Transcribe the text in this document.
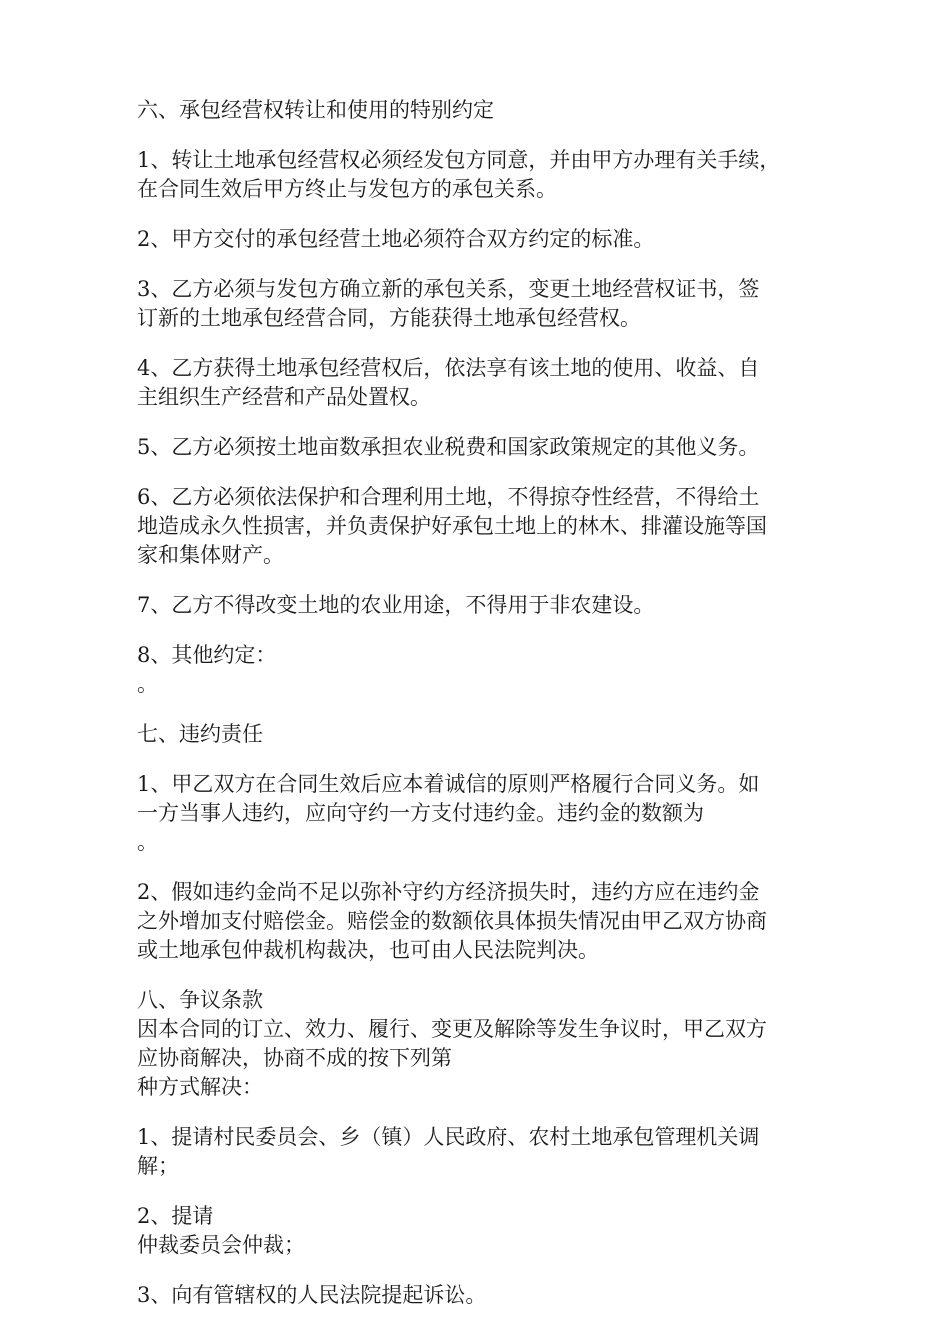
六、承包经营权转让和使用的特别约定
1、转让土地承包经营权必须经发包方同意，并由甲方办理有关手续，
在合同生效后甲方终止与发包方的承包关系。
2、甲方交付的承包经营土地必须符合双方约定的标准。
3、乙方必须与发包方确立新的承包关系，变更土地经营权证书，签
订新的土地承包经营合同，方能获得土地承包经营权。
4、乙方获得土地承包经营权后，依法享有该土地的使用、收益、自
主组织生产经营和产品处置权。
5、乙方必须按土地亩数承担农业税费和国家政策规定的其他义务。
6、乙方必须依法保护和合理利用土地，不得掠夺性经营，不得给土
地造成永久性损害，并负责保护好承包土地上的林木、排灌设施等国
家和集体财产。
7、乙方不得改变土地的农业用途，不得用于非农建设。
8、其他约定：
。
七、违约责任
1、甲乙双方在合同生效后应本着诚信的原则严格履行合同义务。如
一方当事人违约，应向守约一方支付违约金。违约金的数额为
。
2、假如违约金尚不足以弥补守约方经济损失时，违约方应在违约金
之外增加支付赔偿金。赔偿金的数额依具体损失情况由甲乙双方协商
或土地承包仲裁机构裁决，也可由人民法院判决。
八、争议条款
因本合同的订立、效力、履行、变更及解除等发生争议时，甲乙双方
应协商解决，协商不成的按下列第
种方式解决：
1、提请村民委员会、乡（镇）人民政府、农村土地承包管理机关调
解；
2、提请
仲裁委员会仲裁；
3、向有管辖权的人民法院提起诉讼。
